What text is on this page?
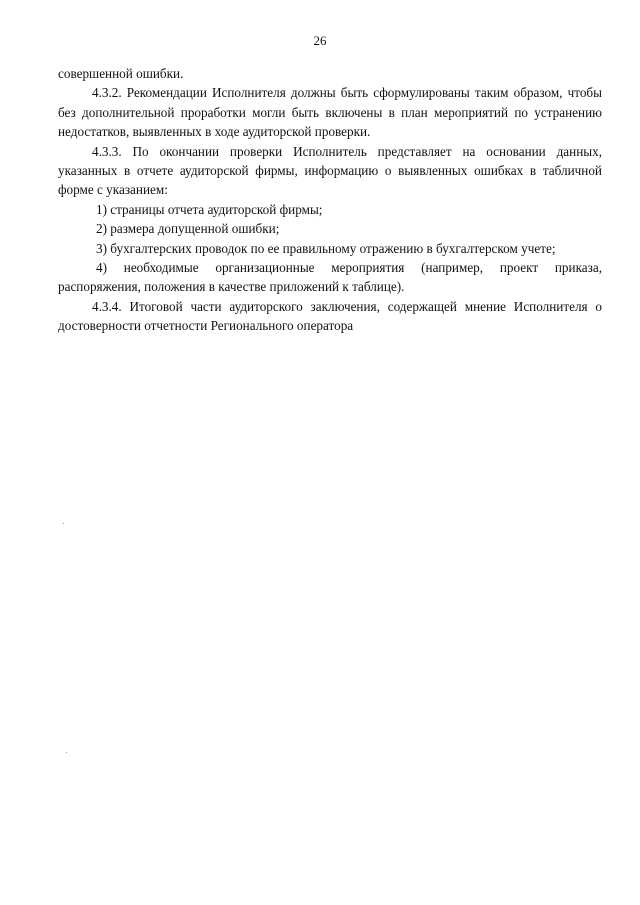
26

совершенной ошибки.

4.3.2. Рекомендации Исполнителя должны быть сформулированы таким образом, чтобы без дополнительной проработки могли быть включены в план мероприятий по устранению недостатков, выявленных в ходе аудиторской проверки.

4.3.3. По окончании проверки Исполнитель представляет на основании данных, указанных в отчете аудиторской фирмы, информацию о выявленных ошибках в табличной форме с указанием:

1) страницы отчета аудиторской фирмы;

2) размера допущенной ошибки;

3) бухгалтерских проводок по ее правильному отражению в бухгалтерском учете;

4) необходимые организационные мероприятия (например, проект приказа, распоряжения, положения в качестве приложений к таблице).

4.3.4. Итоговой части аудиторского заключения, содержащей мнение Исполнителя о достоверности отчетности Регионального оператора
